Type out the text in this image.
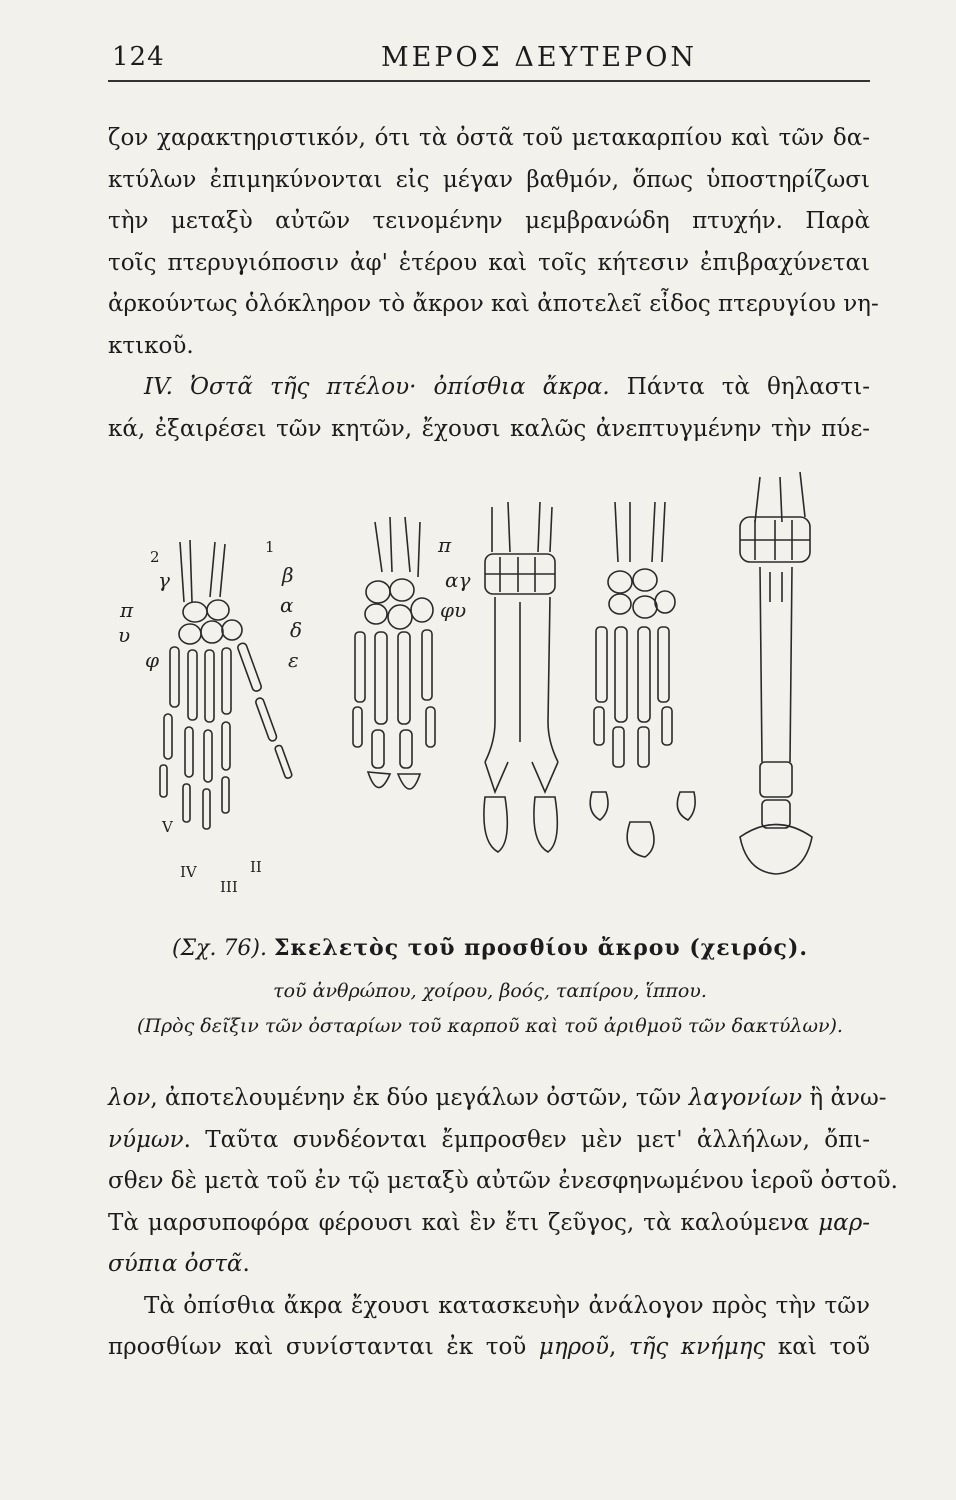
124	ΜΕΡΟΣ ΔΕΥΤΕΡΟΝ
ζον χαρακτηριστικόν, ότι τὰ ὀστᾶ τοῦ μετακαρπίου καὶ τῶν δα-
κτύλων ἐπιμηκύνονται εἰς μέγαν βαθμόν, ὅπως ὑποστηρίζωσι
τὴν μεταξὺ αὐτῶν τεινομένην μεμβρανώδη πτυχήν. Παρὰ
τοῖς πτερυγιόποσιν ἀφ' ἑτέρου καὶ τοῖς κήτεσιν ἐπιβραχύνεται
ἀρκούντως ὁλόκληρον τὸ ἄκρον καὶ ἀποτελεῖ εἶδος πτερυγίου νη-
κτικοῦ.
IV. Ὀστᾶ τῆς πτέλου· ὀπίσθια ἄκρα. Πάντα τὰ θηλαστι-
κά, ἐξαιρέσει τῶν κητῶν, ἔχουσι καλῶς ἀνεπτυγμένην τὴν πύε-
2
1
β
γ
π	α
υ	δ
φ	ε
π
αγ
φυ
V
IV
III
II
(Σχ. 76). Σκελετὸς τοῦ προσθίου ἄκρου (χειρός).
τοῦ ἀνθρώπου, χοίρου, βοός, ταπίρου, ἵππου.
(Πρὸς δεῖξιν τῶν ὀσταρίων τοῦ καρποῦ καὶ τοῦ ἀριθμοῦ τῶν δακτύλων).
λον, ἀποτελουμένην ἐκ δύο μεγάλων ὀστῶν, τῶν λαγονίων ἢ ἀνω-
νύμων. Ταῦτα συνδέονται ἔμπροσθεν μὲν μετ' ἀλλήλων, ὄπι-
σθεν δὲ μετὰ τοῦ ἐν τῷ μεταξὺ αὐτῶν ἐνεσφηνωμένου ἱεροῦ ὀστοῦ.
Τὰ μαρσυποφόρα φέρουσι καὶ ἓν ἔτι ζεῦγος, τὰ καλούμενα μαρ-
σύπια ὀστᾶ.
Τὰ ὀπίσθια ἄκρα ἔχουσι κατασκευὴν ἀνάλογον πρὸς τὴν τῶν
προσθίων καὶ συνίστανται ἐκ τοῦ μηροῦ, τῆς κνήμης καὶ τοῦ
